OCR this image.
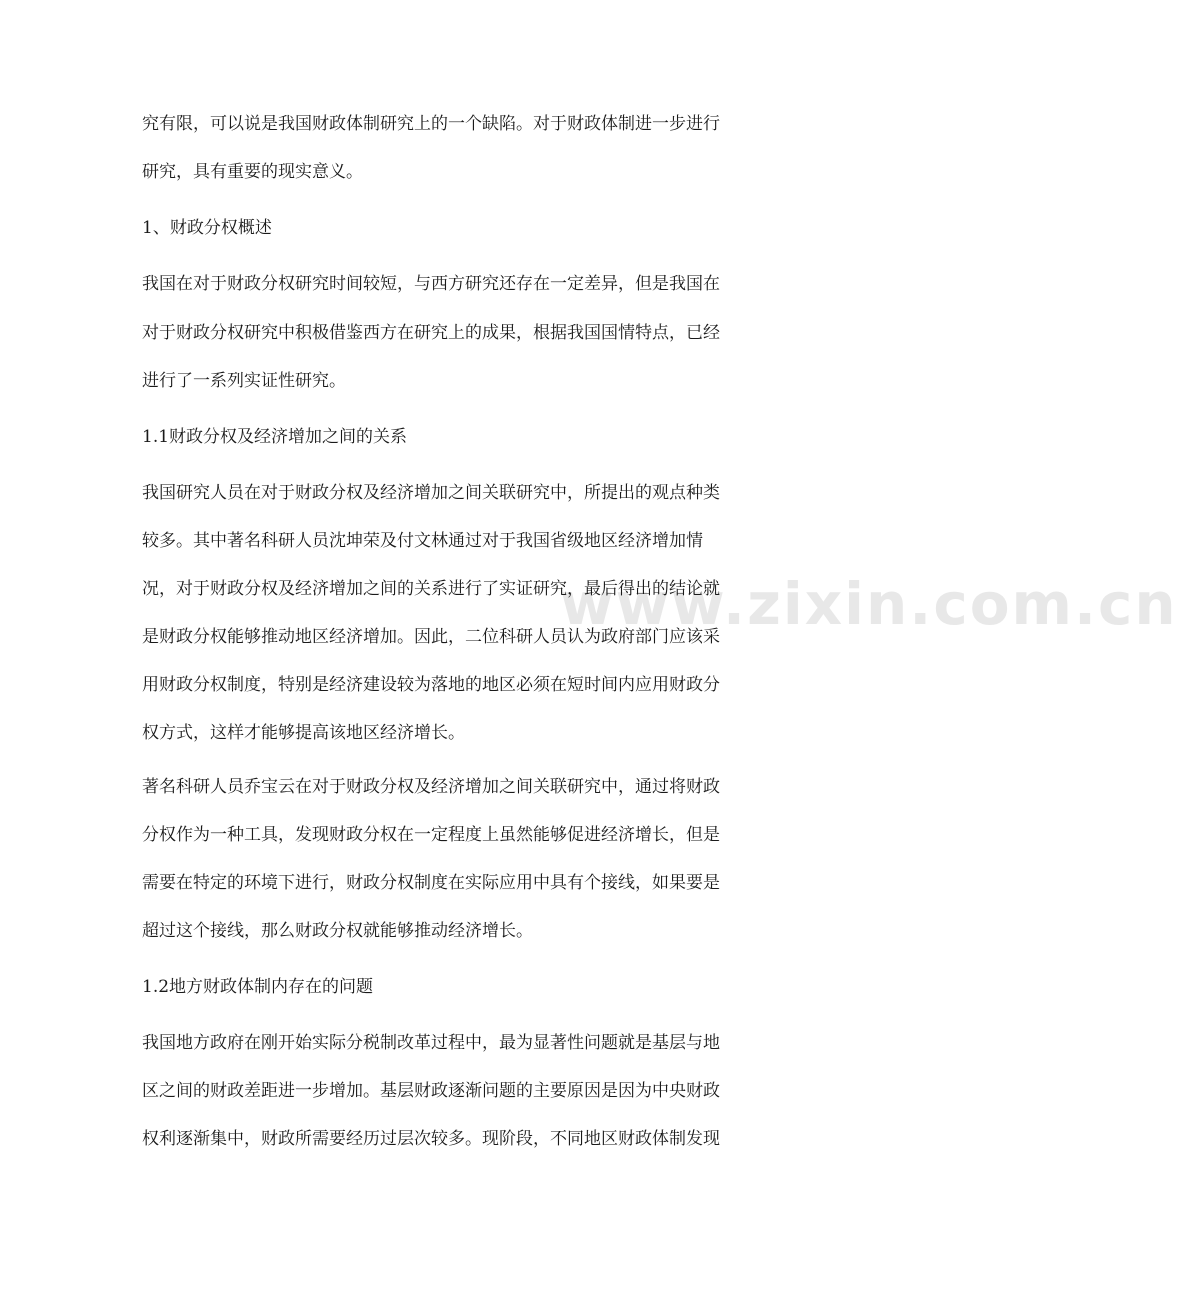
www.zixin.com.cn
究有限，可以说是我国财政体制研究上的一个缺陷。对于财政体制进一步进行
研究，具有重要的现实意义。
1、财政分权概述
我国在对于财政分权研究时间较短，与西方研究还存在一定差异，但是我国在
对于财政分权研究中积极借鉴西方在研究上的成果，根据我国国情特点，已经
进行了一系列实证性研究。
1.1财政分权及经济增加之间的关系
我国研究人员在对于财政分权及经济增加之间关联研究中，所提出的观点种类
较多。其中著名科研人员沈坤荣及付文林通过对于我国省级地区经济增加情
况，对于财政分权及经济增加之间的关系进行了实证研究，最后得出的结论就
是财政分权能够推动地区经济增加。因此，二位科研人员认为政府部门应该采
用财政分权制度，特别是经济建设较为落地的地区必须在短时间内应用财政分
权方式，这样才能够提高该地区经济增长。
著名科研人员乔宝云在对于财政分权及经济增加之间关联研究中，通过将财政
分权作为一种工具，发现财政分权在一定程度上虽然能够促进经济增长，但是
需要在特定的环境下进行，财政分权制度在实际应用中具有个接线，如果要是
超过这个接线，那么财政分权就能够推动经济增长。
1.2地方财政体制内存在的问题
我国地方政府在刚开始实际分税制改革过程中，最为显著性问题就是基层与地
区之间的财政差距进一步增加。基层财政逐渐问题的主要原因是因为中央财政
权利逐渐集中，财政所需要经历过层次较多。现阶段，不同地区财政体制发现
